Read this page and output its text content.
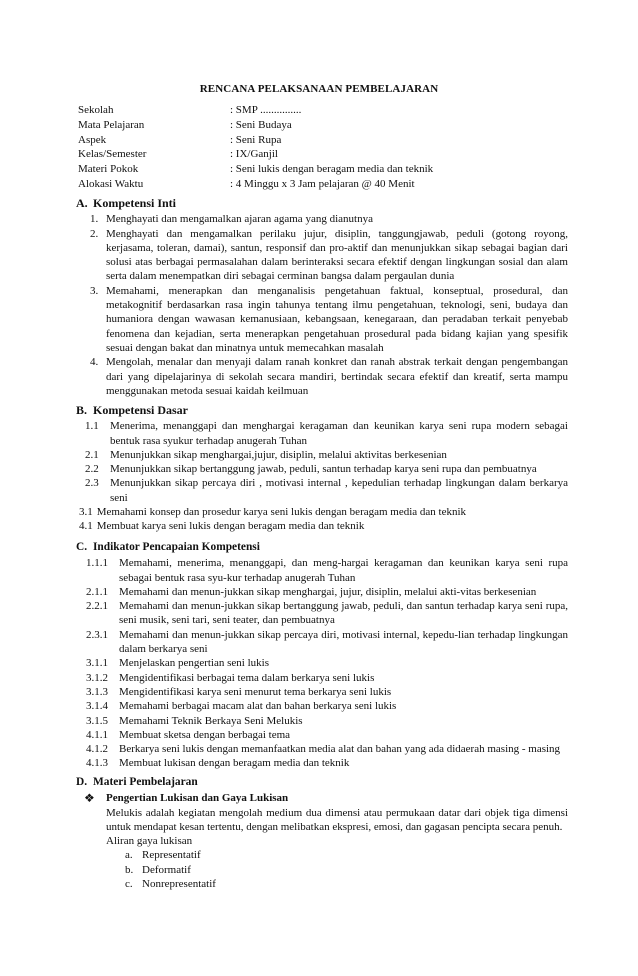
RENCANA PELAKSANAAN PEMBELAJARAN
Sekolah	: SMP ...............
Mata Pelajaran	: Seni Budaya
Aspek	: Seni Rupa
Kelas/Semester	: IX/Ganjil
Materi Pokok	: Seni lukis dengan beragam media dan teknik
Alokasi Waktu	: 4 Minggu x 3 Jam pelajaran @ 40 Menit
A. Kompetensi Inti
1. Menghayati dan mengamalkan ajaran agama yang dianutnya
2. Menghayati dan mengamalkan perilaku jujur, disiplin, tanggungjawab, peduli (gotong royong, kerjasama, toleran, damai), santun, responsif dan pro-aktif dan menunjukkan sikap sebagai bagian dari solusi atas berbagai permasalahan dalam berinteraksi secara efektif dengan lingkungan sosial dan alam serta dalam menempatkan diri sebagai cerminan bangsa dalam pergaulan dunia
3. Memahami, menerapkan dan menganalisis pengetahuan faktual, konseptual, prosedural, dan metakognitif berdasarkan rasa ingin tahunya tentang ilmu pengetahuan, teknologi, seni, budaya dan humaniora dengan wawasan kemanusiaan, kebangsaan, kenegaraan, dan peradaban terkait penyebab fenomena dan kejadian, serta menerapkan pengetahuan prosedural pada bidang kajian yang spesifik sesuai dengan bakat dan minatnya untuk memecahkan masalah
4. Mengolah, menalar dan menyaji dalam ranah konkret dan ranah abstrak terkait dengan pengembangan dari yang dipelajarinya di sekolah secara mandiri, bertindak secara efektif dan kreatif, serta mampu menggunakan metoda sesuai kaidah keilmuan
B. Kompetensi Dasar
1.1	Menerima, menanggapi dan menghargai keragaman dan keunikan karya seni rupa modern sebagai bentuk rasa syukur terhadap anugerah Tuhan
2.1	Menunjukkan sikap menghargai,jujur, disiplin, melalui aktivitas berkesenian
2.2	Menunjukkan sikap bertanggung jawab, peduli, santun terhadap karya seni rupa dan pembuatnya
2.3	Menunjukkan sikap percaya diri , motivasi internal , kepedulian terhadap lingkungan dalam berkarya seni
3.1 Memahami konsep dan prosedur karya seni lukis dengan beragam media dan teknik
4.1 Membuat karya seni lukis dengan beragam media dan teknik
C. Indikator Pencapaian Kompetensi
1.1.1	Memahami, menerima, menanggapi, dan meng-hargai keragaman dan keunikan karya seni rupa sebagai bentuk rasa syu-kur terhadap anugerah Tuhan
2.1.1	Memahami dan menun-jukkan sikap menghargai, jujur, disiplin, melalui akti-vitas berkesenian
2.2.1	Memahami dan menun-jukkan sikap bertanggung jawab, peduli, dan santun terhadap karya seni rupa, seni musik, seni tari, seni teater, dan pembuatnya
2.3.1	Memahami dan menun-jukkan sikap percaya diri, motivasi internal, kepedu-lian terhadap lingkungan dalam berkarya seni
3.1.1	Menjelaskan pengertian seni lukis
3.1.2	Mengidentifikasi berbagai tema dalam berkarya seni lukis
3.1.3	Mengidentifikasi karya seni menurut tema berkarya seni lukis
3.1.4	Memahami berbagai macam alat dan bahan berkarya seni lukis
3.1.5	Memahami Teknik Berkaya Seni Melukis
4.1.1	Membuat sketsa dengan berbagai tema
4.1.2	Berkarya seni lukis dengan memanfaatkan media alat dan bahan yang ada didaerah masing - masing
4.1.3	Membuat lukisan dengan beragam media dan teknik
D. Materi Pembelajaran
❖	Pengertian Lukisan dan Gaya Lukisan
Melukis adalah kegiatan mengolah medium dua dimensi atau permukaan datar dari objek tiga dimensi untuk mendapat kesan tertentu, dengan melibatkan ekspresi, emosi, dan gagasan pencipta secara penuh.
Aliran gaya lukisan
a. Representatif
b. Deformatif
c. Nonrepresentatif
